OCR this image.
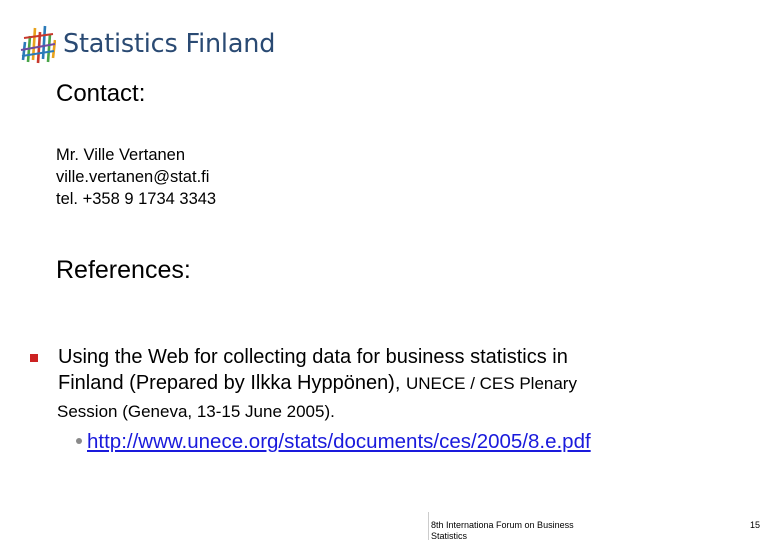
Statistics Finland
Contact:
Mr. Ville Vertanen
ville.vertanen@stat.fi
tel. +358 9 1734 3343
References:
Using the Web for collecting data for business statistics in
Finland (Prepared by Ilkka Hyppönen), UNECE / CES Plenary
Session (Geneva, 13-15 June 2005).
http://www.unece.org/stats/documents/ces/2005/8.e.pdf
8th Internationa Forum on Business Statistics
15
